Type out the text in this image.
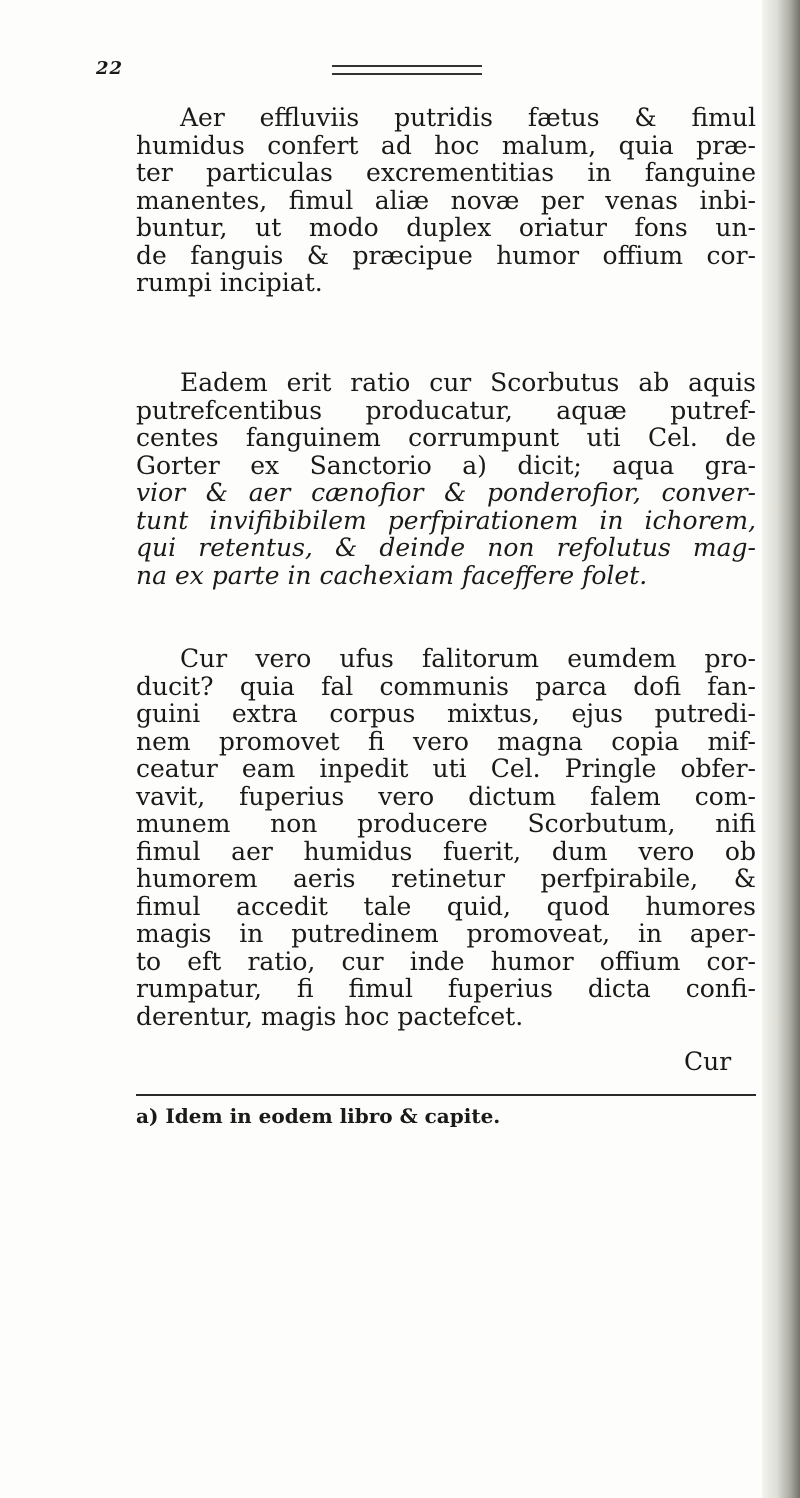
22
Aer effluviis putridis fætus & fimul
humidus confert ad hoc malum, quia præ-
ter particulas excrementitias in fanguine
manentes, fimul aliæ novæ per venas inbi-
buntur, ut modo duplex oriatur fons un-
de fanguis & præcipue humor offium cor-
rumpi incipiat.
Eadem erit ratio cur Scorbutus ab aquis
putrefcentibus producatur, aquæ putref-
centes fanguinem corrumpunt uti Cel. de
Gorter ex Sanctorio a) dicit; aqua gra-
vior & aer cænofior & ponderofior, conver-
tunt invifibibilem perfpirationem in ichorem,
qui retentus, & deinde non refolutus mag-
na ex parte in cachexiam faceffere folet.
Cur vero ufus falitorum eumdem pro-
ducit? quia fal communis parca dofi fan-
guini extra corpus mixtus, ejus putredi-
nem promovet fi vero magna copia mif-
ceatur eam inpedit uti Cel. Pringle obfer-
vavit, fuperius vero dictum falem com-
munem non producere Scorbutum, nifi
fimul aer humidus fuerit, dum vero ob
humorem aeris retinetur perfpirabile, &
fimul accedit tale quid, quod humores
magis in putredinem promoveat, in aper-
to eft ratio, cur inde humor offium cor-
rumpatur, fi fimul fuperius dicta confi-
derentur, magis hoc pactefcet.
Cur
a) Idem in eodem libro & capite.
